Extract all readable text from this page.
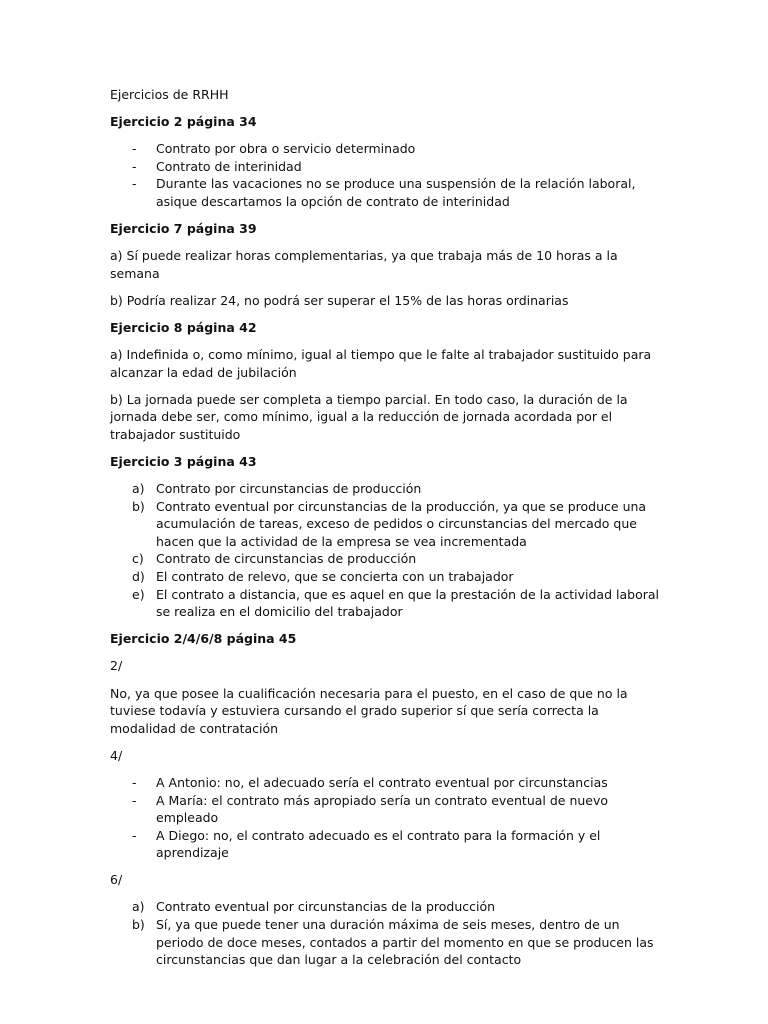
Ejercicios de RRHH

Ejercicio 2 página 34

- Contrato por obra o servicio determinado
- Contrato de interinidad
- Durante las vacaciones no se produce una suspensión de la relación laboral, asique descartamos la opción de contrato de interinidad

Ejercicio 7 página 39

a) Sí puede realizar horas complementarias, ya que trabaja más de 10 horas a la semana

b) Podría realizar 24, no podrá ser superar el 15% de las horas ordinarias

Ejercicio 8 página 42

a) Indefinida o, como mínimo, igual al tiempo que le falte al trabajador sustituido para alcanzar la edad de jubilación

b) La jornada puede ser completa a tiempo parcial. En todo caso, la duración de la jornada debe ser, como mínimo, igual a la reducción de jornada acordada por el trabajador sustituido

Ejercicio 3 página 43

a) Contrato por circunstancias de producción
b) Contrato eventual por circunstancias de la producción, ya que se produce una acumulación de tareas, exceso de pedidos o circunstancias del mercado que hacen que la actividad de la empresa se vea incrementada
c) Contrato de circunstancias de producción
d) El contrato de relevo, que se concierta con un trabajador
e) El contrato a distancia, que es aquel en que la prestación de la actividad laboral se realiza en el domicilio del trabajador

Ejercicio 2/4/6/8 página 45

2/

No, ya que posee la cualificación necesaria para el puesto, en el caso de que no la tuviese todavía y estuviera cursando el grado superior sí que sería correcta la modalidad de contratación

4/

- A Antonio: no, el adecuado sería el contrato eventual por circunstancias
- A María: el contrato más apropiado sería un contrato eventual de nuevo empleado
- A Diego: no, el contrato adecuado es el contrato para la formación y el aprendizaje

6/

a) Contrato eventual por circunstancias de la producción
b) Sí, ya que puede tener una duración máxima de seis meses, dentro de un periodo de doce meses, contados a partir del momento en que se producen las circunstancias que dan lugar a la celebración del contacto
